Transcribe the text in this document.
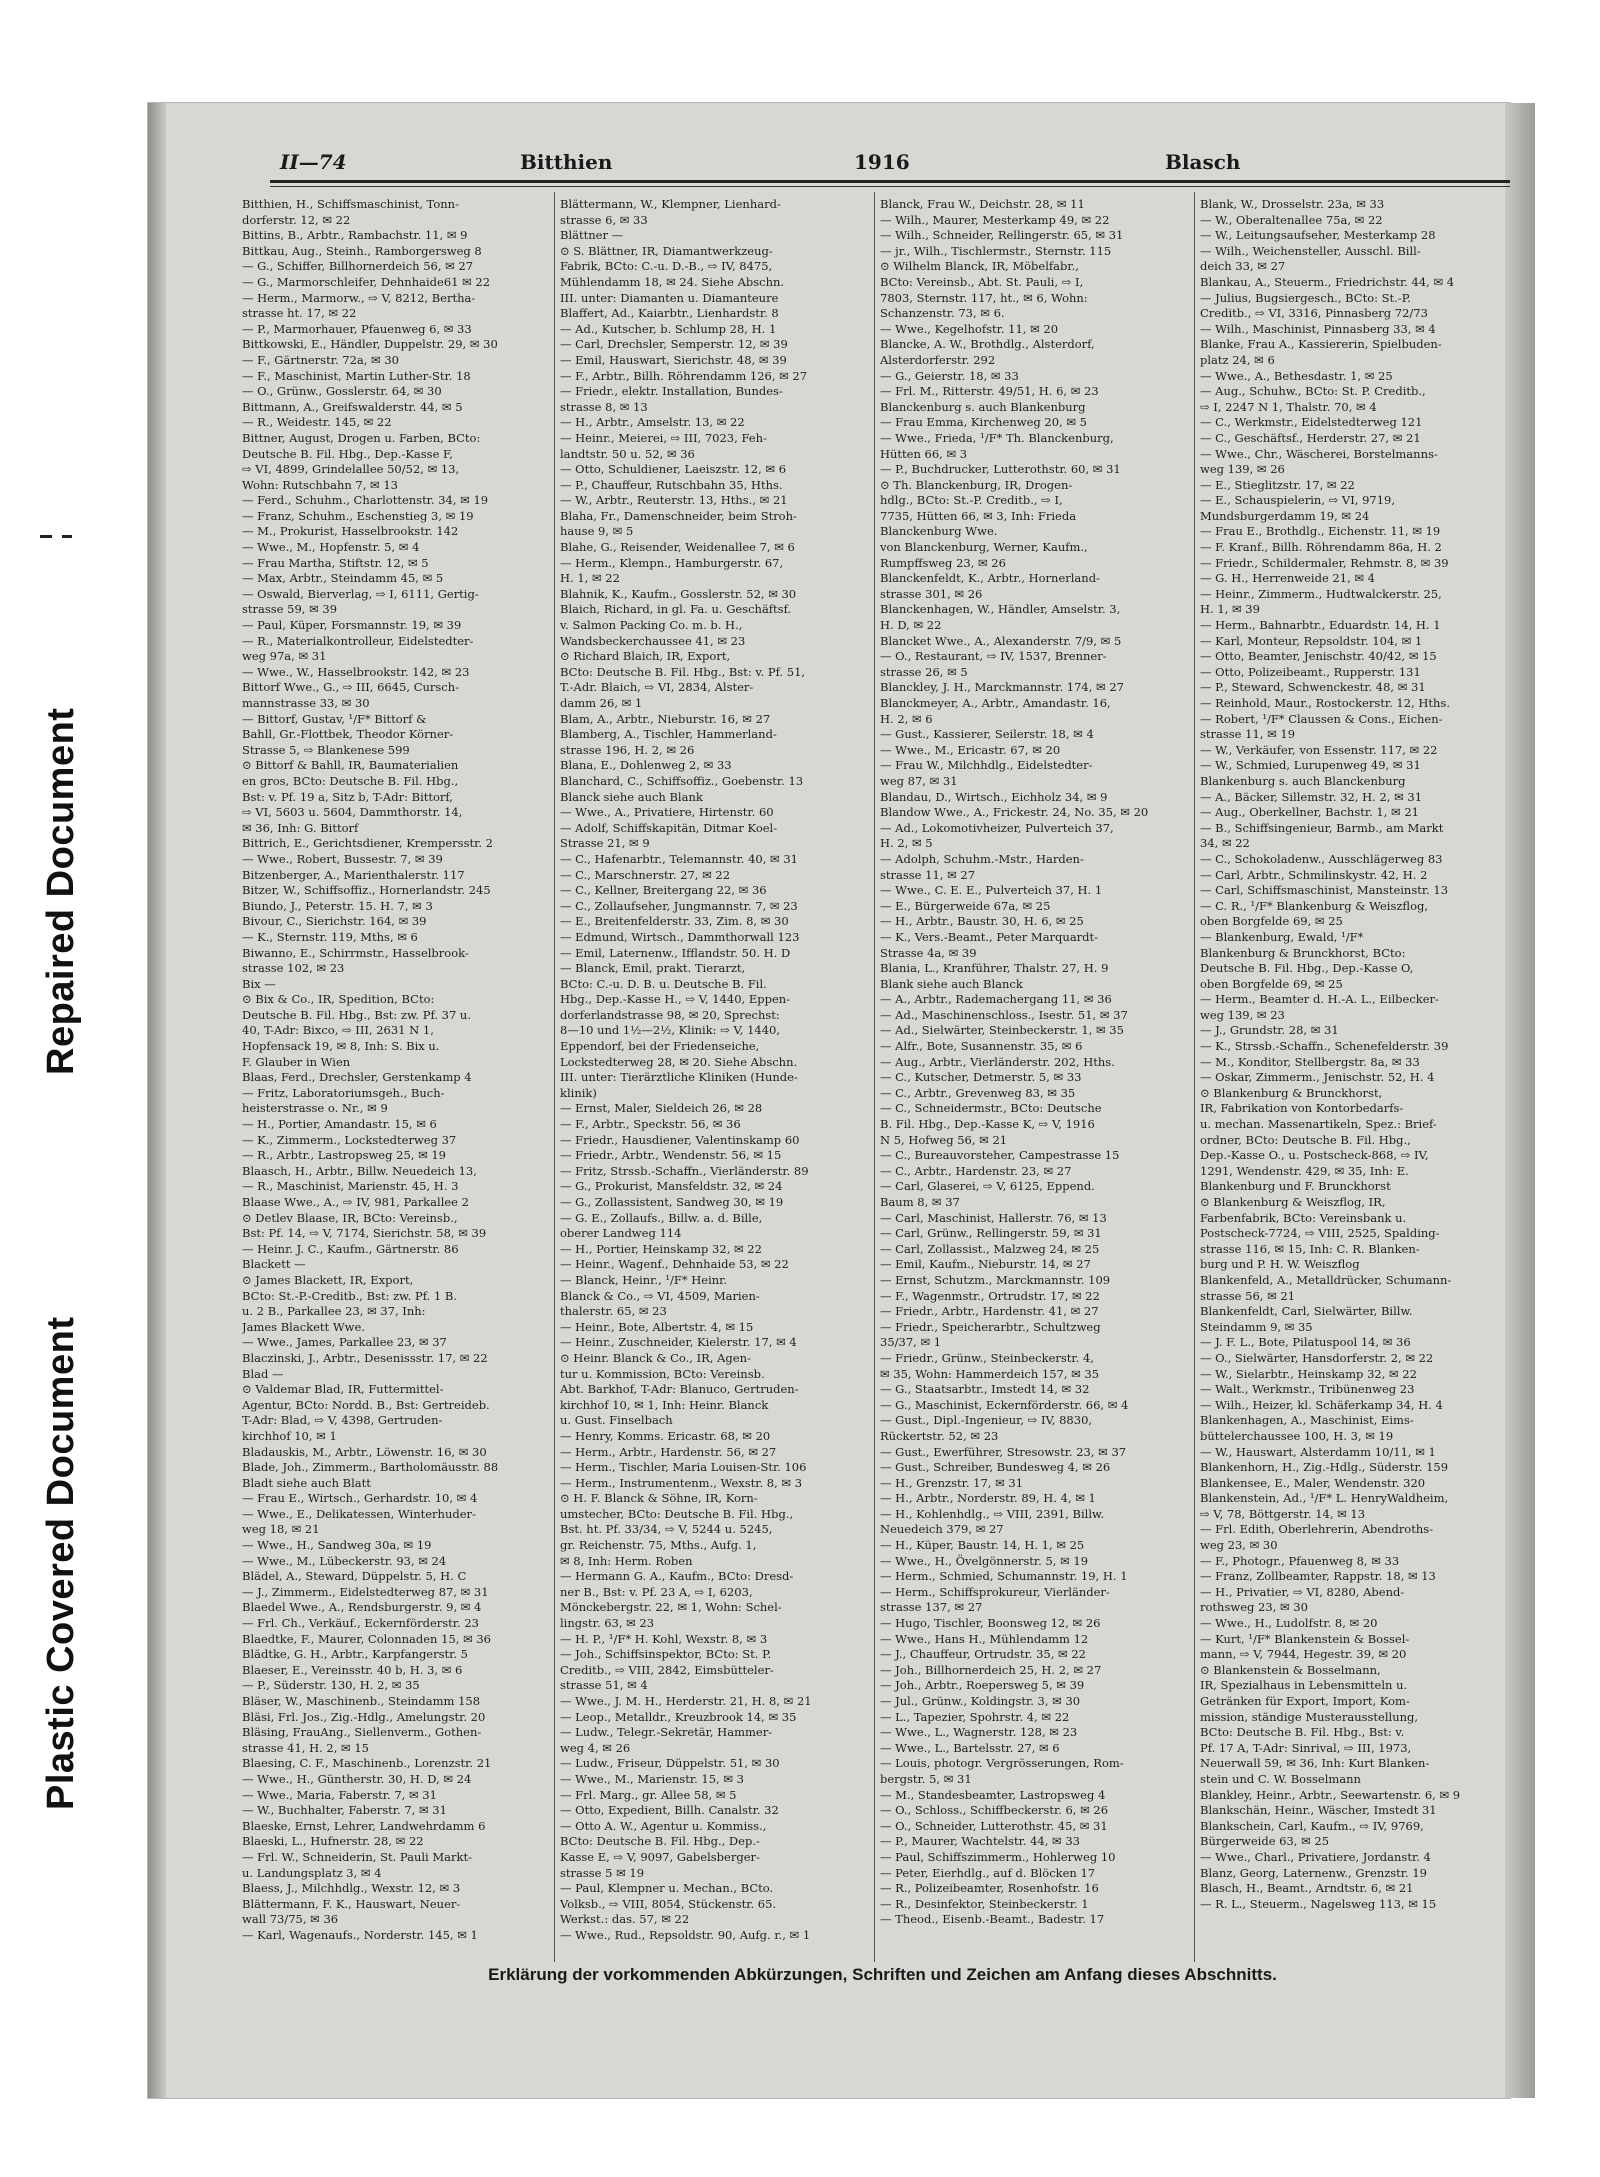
Repaired Document
Plastic Covered Document
II—74	Bitthien	1916	Blasch

Bitthien, H., Schiffsmaschinist, Tonn-

dorferstr. 12, ✉ 22

Bittins, B., Arbtr., Rambachstr. 11, ✉ 9

Bittkau, Aug., Steinh., Ramborgersweg 8

— G., Schiffer, Billhornerdeich 56, ✉ 27

— G., Marmorschleifer, Dehnhaide61 ✉ 22

— Herm., Marmorw., ⇨ V, 8212, Bertha-

strasse ht. 17, ✉ 22

— P., Marmorhauer, Pfauenweg 6, ✉ 33

Bittkowski, E., Händler, Duppelstr. 29, ✉ 30

— F., Gärtnerstr. 72a, ✉ 30

— F., Maschinist, Martin Luther-Str. 18

— O., Grünw., Gosslerstr. 64, ✉ 30

Bittmann, A., Greifswalderstr. 44, ✉ 5

— R., Weidestr. 145, ✉ 22

Bittner, August, Drogen u. Farben, BCto:

Deutsche B. Fil. Hbg., Dep.-Kasse F,

⇨ VI, 4899, Grindelallee 50/52, ✉ 13,

Wohn: Rutschbahn 7, ✉ 13

— Ferd., Schuhm., Charlottenstr. 34, ✉ 19

— Franz, Schuhm., Eschenstieg 3, ✉ 19

— M., Prokurist, Hasselbrookstr. 142

— Wwe., M., Hopfenstr. 5, ✉ 4

— Frau Martha, Stiftstr. 12, ✉ 5

— Max, Arbtr., Steindamm 45, ✉ 5

— Oswald, Bierverlag, ⇨ I, 6111, Gertig-

strasse 59, ✉ 39

— Paul, Küper, Forsmannstr. 19, ✉ 39

— R., Materialkontrolleur, Eidelstedter-

weg 97a, ✉ 31

— Wwe., W., Hasselbrookstr. 142, ✉ 23

Bittorf Wwe., G., ⇨ III, 6645, Cursch-

mannstrasse 33, ✉ 30

— Bittorf, Gustav, ¹/F* Bittorf &

Bahll, Gr.-Flottbek, Theodor Körner-

Strasse 5, ⇨ Blankenese 599

⊙ Bittorf & Bahll, IR, Baumaterialien

en gros, BCto: Deutsche B. Fil. Hbg.,

Bst: v. Pf. 19 a, Sitz b, T-Adr: Bittorf,

⇨ VI, 5603 u. 5604, Dammthorstr. 14,

✉ 36, Inh: G. Bittorf

Bittrich, E., Gerichtsdiener, Krempersstr. 2

— Wwe., Robert, Bussestr. 7, ✉ 39

Bitzenberger, A., Marienthalerstr. 117

Bitzer, W., Schiffsoffiz., Hornerlandstr. 245

Biundo, J., Peterstr. 15. H. 7, ✉ 3

Bivour, C., Sierichstr. 164, ✉ 39

— K., Sternstr. 119, Mths, ✉ 6

Biwanno, E., Schirrmstr., Hasselbrook-

strasse 102, ✉ 23

Bix —

⊙ Bix & Co., IR, Spedition, BCto:

Deutsche B. Fil. Hbg., Bst: zw. Pf. 37 u.

40, T-Adr: Bixco, ⇨ III, 2631 N 1,

Hopfensack 19, ✉ 8, Inh: S. Bix u.

F. Glauber in Wien

Blaas, Ferd., Drechsler, Gerstenkamp 4

— Fritz, Laboratoriumsgeh., Buch-

heisterstrasse o. Nr., ✉ 9

— H., Portier, Amandastr. 15, ✉ 6

— K., Zimmerm., Lockstedterweg 37

— R., Arbtr., Lastropsweg 25, ✉ 19

Blaasch, H., Arbtr., Billw. Neuedeich 13,

— R., Maschinist, Marienstr. 45, H. 3

Blaase Wwe., A., ⇨ IV, 981, Parkallee 2

⊙ Detlev Blaase, IR, BCto: Vereinsb.,

Bst: Pf. 14, ⇨ V, 7174, Sierichstr. 58, ✉ 39

— Heinr. J. C., Kaufm., Gärtnerstr. 86

Blackett —

⊙ James Blackett, IR, Export,

BCto: St.-P.-Creditb., Bst: zw. Pf. 1 B.

u. 2 B., Parkallee 23, ✉ 37, Inh:

James Blackett Wwe.

— Wwe., James, Parkallee 23, ✉ 37

Blaczinski, J., Arbtr., Desenissstr. 17, ✉ 22

Blad —

⊙ Valdemar Blad, IR, Futtermittel-

Agentur, BCto: Nordd. B., Bst: Gertreideb.

T-Adr: Blad, ⇨ V, 4398, Gertruden-

kirchhof 10, ✉ 1

Bladauskis, M., Arbtr., Löwenstr. 16, ✉ 30

Blade, Joh., Zimmerm., Bartholomäusstr. 88

Bladt siehe auch Blatt

— Frau E., Wirtsch., Gerhardstr. 10, ✉ 4

— Wwe., E., Delikatessen, Winterhuder-

weg 18, ✉ 21

— Wwe., H., Sandweg 30a, ✉ 19

— Wwe., M., Lübeckerstr. 93, ✉ 24

Blädel, A., Steward, Düppelstr. 5, H. C

— J., Zimmerm., Eidelstedterweg 87, ✉ 31

Blaedel Wwe., A., Rendsburgerstr. 9, ✉ 4

— Frl. Ch., Verkäuf., Eckernförderstr. 23

Blaedtke, F., Maurer, Colonnaden 15, ✉ 36

Blädtke, G. H., Arbtr., Karpfangerstr. 5

Blaeser, E., Vereinsstr. 40 b, H. 3, ✉ 6

— P., Süderstr. 130, H. 2, ✉ 35

Bläser, W., Maschinenb., Steindamm 158

Bläsi, Frl. Jos., Zig.-Hdlg., Amelungstr. 20

Bläsing, FrauAng., Siellenverm., Gothen-

strasse 41, H. 2, ✉ 15

Blaesing, C. F., Maschinenb., Lorenzstr. 21

— Wwe., H., Güntherstr. 30, H. D, ✉ 24

— Wwe., Maria, Faberstr. 7, ✉ 31

— W., Buchhalter, Faberstr. 7, ✉ 31

Blaeske, Ernst, Lehrer, Landwehrdamm 6

Blaeski, L., Hufnerstr. 28, ✉ 22

— Frl. W., Schneiderin, St. Pauli Markt-

u. Landungsplatz 3, ✉ 4

Blaess, J., Milchhdlg., Wexstr. 12, ✉ 3

Blättermann, F. K., Hauswart, Neuer-

wall 73/75, ✉ 36

— Karl, Wagenaufs., Norderstr. 145, ✉ 1

Blättermann, W., Klempner, Lienhard-

strasse 6, ✉ 33

Blättner —

⊙ S. Blättner, IR, Diamantwerkzeug-

Fabrik, BCto: C.-u. D.-B., ⇨ IV, 8475,

Mühlendamm 18, ✉ 24. Siehe Abschn.

III. unter: Diamanten u. Diamanteure

Blaffert, Ad., Kaiarbtr., Lienhardstr. 8

— Ad., Kutscher, b. Schlump 28, H. 1

— Carl, Drechsler, Semperstr. 12, ✉ 39

— Emil, Hauswart, Sierichstr. 48, ✉ 39

— F., Arbtr., Billh. Röhrendamm 126, ✉ 27

— Friedr., elektr. Installation, Bundes-

strasse 8, ✉ 13

— H., Arbtr., Amselstr. 13, ✉ 22

— Heinr., Meierei, ⇨ III, 7023, Feh-

landtstr. 50 u. 52, ✉ 36

— Otto, Schuldiener, Laeiszstr. 12, ✉ 6

— P., Chauffeur, Rutschbahn 35, Hths.

— W., Arbtr., Reuterstr. 13, Hths., ✉ 21

Blaha, Fr., Damenschneider, beim Stroh-

hause 9, ✉ 5

Blahe, G., Reisender, Weidenallee 7, ✉ 6

— Herm., Klempn., Hamburgerstr. 67,

H. 1, ✉ 22

Blahnik, K., Kaufm., Gosslerstr. 52, ✉ 30

Blaich, Richard, in gl. Fa. u. Geschäftsf.

v. Salmon Packing Co. m. b. H.,

Wandsbeckerchaussee 41, ✉ 23

⊙ Richard Blaich, IR, Export,

BCto: Deutsche B. Fil. Hbg., Bst: v. Pf. 51,

T.-Adr. Blaich, ⇨ VI, 2834, Alster-

damm 26, ✉ 1

Blam, A., Arbtr., Nieburstr. 16, ✉ 27

Blamberg, A., Tischler, Hammerland-

strasse 196, H. 2, ✉ 26

Blana, E., Dohlenweg 2, ✉ 33

Blanchard, C., Schiffsoffiz., Goebenstr. 13

Blanck siehe auch Blank

— Wwe., A., Privatiere, Hirtenstr. 60

— Adolf, Schiffskapitän, Ditmar Koel-

Strasse 21, ✉ 9

— C., Hafenarbtr., Telemannstr. 40, ✉ 31

— C., Marschnerstr. 27, ✉ 22

— C., Kellner, Breitergang 22, ✉ 36

— C., Zollaufseher, Jungmannstr. 7, ✉ 23

— E., Breitenfelderstr. 33, Zim. 8, ✉ 30

— Edmund, Wirtsch., Dammthorwall 123

— Emil, Laternenw., Ifflandstr. 50. H. D

— Blanck, Emil, prakt. Tierarzt,

BCto: C.-u. D. B. u. Deutsche B. Fil.

Hbg., Dep.-Kasse H., ⇨ V, 1440, Eppen-

dorferlandstrasse 98, ✉ 20, Sprechst:

8—10 und 1½—2½, Klinik: ⇨ V, 1440,

Eppendorf, bei der Friedenseiche,

Lockstedterweg 28, ✉ 20. Siehe Abschn.

III. unter: Tierärztliche Kliniken (Hunde-

klinik)

— Ernst, Maler, Sieldeich 26, ✉ 28

— F., Arbtr., Speckstr. 56, ✉ 36

— Friedr., Hausdiener, Valentinskamp 60

— Friedr., Arbtr., Wendenstr. 56, ✉ 15

— Fritz, Strssb.-Schaffn., Vierländerstr. 89

— G., Prokurist, Mansfeldstr. 32, ✉ 24

— G., Zollassistent, Sandweg 30, ✉ 19

— G. E., Zollaufs., Billw. a. d. Bille,

oberer Landweg 114

— H., Portier, Heinskamp 32, ✉ 22

— Heinr., Wagenf., Dehnhaide 53, ✉ 22

— Blanck, Heinr., ¹/F* Heinr.

Blanck & Co., ⇨ VI, 4509, Marien-

thalerstr. 65, ✉ 23

— Heinr., Bote, Albertstr. 4, ✉ 15

— Heinr., Zuschneider, Kielerstr. 17, ✉ 4

⊙ Heinr. Blanck & Co., IR, Agen-

tur u. Kommission, BCto: Vereinsb.

Abt. Barkhof, T-Adr: Blanuco, Gertruden-

kirchhof 10, ✉ 1, Inh: Heinr. Blanck

u. Gust. Finselbach

— Henry, Komms. Ericastr. 68, ✉ 20

— Herm., Arbtr., Hardenstr. 56, ✉ 27

— Herm., Tischler, Maria Louisen-Str. 106

— Herm., Instrumentenm., Wexstr. 8, ✉ 3

⊙ H. F. Blanck & Söhne, IR, Korn-

umstecher, BCto: Deutsche B. Fil. Hbg.,

Bst. ht. Pf. 33/34, ⇨ V, 5244 u. 5245,

gr. Reichenstr. 75, Mths., Aufg. 1,

✉ 8, Inh: Herm. Roben

— Hermann G. A., Kaufm., BCto: Dresd-

ner B., Bst: v. Pf. 23 A, ⇨ I, 6203,

Mönckebergstr. 22, ✉ 1, Wohn: Schel-

lingstr. 63, ✉ 23

— H. P., ¹/F* H. Kohl, Wexstr. 8, ✉ 3

— Joh., Schiffsinspektor, BCto: St. P.

Creditb., ⇨ VIII, 2842, Eimsbütteler-

strasse 51, ✉ 4

— Wwe., J. M. H., Herderstr. 21, H. 8, ✉ 21

— Leop., Metalldr., Kreuzbrook 14, ✉ 35

— Ludw., Telegr.-Sekretär, Hammer-

weg 4, ✉ 26

— Ludw., Friseur, Düppelstr. 51, ✉ 30

— Wwe., M., Marienstr. 15, ✉ 3

— Frl. Marg., gr. Allee 58, ✉ 5

— Otto, Expedient, Billh. Canalstr. 32

— Otto A. W., Agentur u. Kommiss.,

BCto: Deutsche B. Fil. Hbg., Dep.-

Kasse E, ⇨ V, 9097, Gabelsberger-

strasse 5 ✉ 19

— Paul, Klempner u. Mechan., BCto.

Volksb., ⇨ VIII, 8054, Stückenstr. 65.

Werkst.: das. 57, ✉ 22

— Wwe., Rud., Repsoldstr. 90, Aufg. r., ✉ 1

Blanck, Frau W., Deichstr. 28, ✉ 11

— Wilh., Maurer, Mesterkamp 49, ✉ 22

— Wilh., Schneider, Rellingerstr. 65, ✉ 31

— jr., Wilh., Tischlermstr., Sternstr. 115

⊙ Wilhelm Blanck, IR, Möbelfabr.,

BCto: Vereinsb., Abt. St. Pauli, ⇨ I,

7803, Sternstr. 117, ht., ✉ 6, Wohn:

Schanzenstr. 73, ✉ 6.

— Wwe., Kegelhofstr. 11, ✉ 20

Blancke, A. W., Brothdlg., Alsterdorf,

Alsterdorferstr. 292

— G., Geierstr. 18, ✉ 33

— Frl. M., Ritterstr. 49/51, H. 6, ✉ 23

Blanckenburg s. auch Blankenburg

— Frau Emma, Kirchenweg 20, ✉ 5

— Wwe., Frieda, ¹/F* Th. Blanckenburg,

Hütten 66, ✉ 3

— P., Buchdrucker, Lutterothstr. 60, ✉ 31

⊙ Th. Blanckenburg, IR, Drogen-

hdlg., BCto: St.-P. Creditb., ⇨ I,

7735, Hütten 66, ✉ 3, Inh: Frieda

Blanckenburg Wwe.

von Blanckenburg, Werner, Kaufm.,

Rumpffsweg 23, ✉ 26

Blanckenfeldt, K., Arbtr., Hornerland-

strasse 301, ✉ 26

Blanckenhagen, W., Händler, Amselstr. 3,

H. D, ✉ 22

Blancket Wwe., A., Alexanderstr. 7/9, ✉ 5

— O., Restaurant, ⇨ IV, 1537, Brenner-

strasse 26, ✉ 5

Blanckley, J. H., Marckmannstr. 174, ✉ 27

Blanckmeyer, A., Arbtr., Amandastr. 16,

H. 2, ✉ 6

— Gust., Kassierer, Seilerstr. 18, ✉ 4

— Wwe., M., Ericastr. 67, ✉ 20

— Frau W., Milchhdlg., Eidelstedter-

weg 87, ✉ 31

Blandau, D., Wirtsch., Eichholz 34, ✉ 9

Blandow Wwe., A., Frickestr. 24, No. 35, ✉ 20

— Ad., Lokomotivheizer, Pulverteich 37,

H. 2, ✉ 5

— Adolph, Schuhm.-Mstr., Harden-

strasse 11, ✉ 27

— Wwe., C. E. E., Pulverteich 37, H. 1

— E., Bürgerweide 67a, ✉ 25

— H., Arbtr., Baustr. 30, H. 6, ✉ 25

— K., Vers.-Beamt., Peter Marquardt-

Strasse 4a, ✉ 39

Blania, L., Kranführer, Thalstr. 27, H. 9

Blank siehe auch Blanck

— A., Arbtr., Rademachergang 11, ✉ 36

— Ad., Maschinenschloss., Isestr. 51, ✉ 37

— Ad., Sielwärter, Steinbeckerstr. 1, ✉ 35

— Alfr., Bote, Susannenstr. 35, ✉ 6

— Aug., Arbtr., Vierländerstr. 202, Hths.

— C., Kutscher, Detmerstr. 5, ✉ 33

— C., Arbtr., Grevenweg 83, ✉ 35

— C., Schneidermstr., BCto: Deutsche

B. Fil. Hbg., Dep.-Kasse K, ⇨ V, 1916

N 5, Hofweg 56, ✉ 21

— C., Bureauvorsteher, Campestrasse 15

— C., Arbtr., Hardenstr. 23, ✉ 27

— Carl, Glaserei, ⇨ V, 6125, Eppend.

Baum 8, ✉ 37

— Carl, Maschinist, Hallerstr. 76, ✉ 13

— Carl, Grünw., Rellingerstr. 59, ✉ 31

— Carl, Zollassist., Malzweg 24, ✉ 25

— Emil, Kaufm., Nieburstr. 14, ✉ 27

— Ernst, Schutzm., Marckmannstr. 109

— F., Wagenmstr., Ortrudstr. 17, ✉ 22

— Friedr., Arbtr., Hardenstr. 41, ✉ 27

— Friedr., Speicherarbtr., Schultzweg

35/37, ✉ 1

— Friedr., Grünw., Steinbeckerstr. 4,

✉ 35, Wohn: Hammerdeich 157, ✉ 35

— G., Staatsarbtr., Imstedt 14, ✉ 32

— G., Maschinist, Eckernförderstr. 66, ✉ 4

— Gust., Dipl.-Ingenieur, ⇨ IV, 8830,

Rückertstr. 52, ✉ 23

— Gust., Ewerführer, Stresowstr. 23, ✉ 37

— Gust., Schreiber, Bundesweg 4, ✉ 26

— H., Grenzstr. 17, ✉ 31

— H., Arbtr., Norderstr. 89, H. 4, ✉ 1

— H., Kohlenhdlg., ⇨ VIII, 2391, Billw.

Neuedeich 379, ✉ 27

— H., Küper, Baustr. 14, H. 1, ✉ 25

— Wwe., H., Övelgönnerstr. 5, ✉ 19

— Herm., Schmied, Schumannstr. 19, H. 1

— Herm., Schiffsprokureur, Vierländer-

strasse 137, ✉ 27

— Hugo, Tischler, Boonsweg 12, ✉ 26

— Wwe., Hans H., Mühlendamm 12

— J., Chauffeur, Ortrudstr. 35, ✉ 22

— Joh., Billhornerdeich 25, H. 2, ✉ 27

— Joh., Arbtr., Roepersweg 5, ✉ 39

— Jul., Grünw., Koldingstr. 3, ✉ 30

— L., Tapezier, Spohrstr. 4, ✉ 22

— Wwe., L., Wagnerstr. 128, ✉ 23

— Wwe., L., Bartelsstr. 27, ✉ 6

— Louis, photogr. Vergrösserungen, Rom-

bergstr. 5, ✉ 31

— M., Standesbeamter, Lastropsweg 4

— O., Schloss., Schiffbeckerstr. 6, ✉ 26

— O., Schneider, Lutterothstr. 45, ✉ 31

— P., Maurer, Wachtelstr. 44, ✉ 33

— Paul, Schiffszimmerm., Hohlerweg 10

— Peter, Eierhdlg., auf d. Blöcken 17

— R., Polizeibeamter, Rosenhofstr. 16

— R., Desinfektor, Steinbeckerstr. 1

— Theod., Eisenb.-Beamt., Badestr. 17

Blank, W., Drosselstr. 23a, ✉ 33

— W., Oberaltenallee 75a, ✉ 22

— W., Leitungsaufseher, Mesterkamp 28

— Wilh., Weichensteller, Ausschl. Bill-

deich 33, ✉ 27

Blankau, A., Steuerm., Friedrichstr. 44, ✉ 4

— Julius, Bugsiergesch., BCto: St.-P.

Creditb., ⇨ VI, 3316, Pinnasberg 72/73

— Wilh., Maschinist, Pinnasberg 33, ✉ 4

Blanke, Frau A., Kassiererin, Spielbuden-

platz 24, ✉ 6

— Wwe., A., Bethesdastr. 1, ✉ 25

— Aug., Schuhw., BCto: St. P. Creditb.,

⇨ I, 2247 N 1, Thalstr. 70, ✉ 4

— C., Werkmstr., Eidelstedterweg 121

— C., Geschäftsf., Herderstr. 27, ✉ 21

— Wwe., Chr., Wäscherei, Borstelmanns-

weg 139, ✉ 26

— E., Stieglitzstr. 17, ✉ 22

— E., Schauspielerin, ⇨ VI, 9719,

Mundsburgerdamm 19, ✉ 24

— Frau E., Brothdlg., Eichenstr. 11, ✉ 19

— F. Kranf., Billh. Röhrendamm 86a, H. 2

— Friedr., Schildermaler, Rehmstr. 8, ✉ 39

— G. H., Herrenweide 21, ✉ 4

— Heinr., Zimmerm., Hudtwalckerstr. 25,

H. 1, ✉ 39

— Herm., Bahnarbtr., Eduardstr. 14, H. 1

— Karl, Monteur, Repsoldstr. 104, ✉ 1

— Otto, Beamter, Jenischstr. 40/42, ✉ 15

— Otto, Polizeibeamt., Rupperstr. 131

— P., Steward, Schwenckestr. 48, ✉ 31

— Reinhold, Maur., Rostockerstr. 12, Hths.

— Robert, ¹/F* Claussen & Cons., Eichen-

strasse 11, ✉ 19

— W., Verkäufer, von Essenstr. 117, ✉ 22

— W., Schmied, Lurupenweg 49, ✉ 31

Blankenburg s. auch Blanckenburg

— A., Bäcker, Sillemstr. 32, H. 2, ✉ 31

— Aug., Oberkellner, Bachstr. 1, ✉ 21

— B., Schiffsingenieur, Barmb., am Markt

34, ✉ 22

— C., Schokoladenw., Ausschlägerweg 83

— Carl, Arbtr., Schmilinskystr. 42, H. 2

— Carl, Schiffsmaschinist, Mansteinstr. 13

— C. R., ¹/F* Blankenburg & Weiszflog,

oben Borgfelde 69, ✉ 25

— Blankenburg, Ewald, ¹/F*

Blankenburg & Brunckhorst, BCto:

Deutsche B. Fil. Hbg., Dep.-Kasse O,

oben Borgfelde 69, ✉ 25

— Herm., Beamter d. H.-A. L., Eilbecker-

weg 139, ✉ 23

— J., Grundstr. 28, ✉ 31

— K., Strssb.-Schaffn., Schenefelderstr. 39

— M., Konditor, Stellbergstr. 8a, ✉ 33

— Oskar, Zimmerm., Jenischstr. 52, H. 4

⊙ Blankenburg & Brunckhorst,

IR, Fabrikation von Kontorbedarfs-

u. mechan. Massenartikeln, Spez.: Brief-

ordner, BCto: Deutsche B. Fil. Hbg.,

Dep.-Kasse O., u. Postscheck-868, ⇨ IV,

1291, Wendenstr. 429, ✉ 35, Inh: E.

Blankenburg und F. Brunckhorst

⊙ Blankenburg & Weiszflog, IR,

Farbenfabrik, BCto: Vereinsbank u.

Postscheck-7724, ⇨ VIII, 2525, Spalding-

strasse 116, ✉ 15, Inh: C. R. Blanken-

burg und P. H. W. Weiszflog

Blankenfeld, A., Metalldrücker, Schumann-

strasse 56, ✉ 21

Blankenfeldt, Carl, Sielwärter, Billw.

Steindamm 9, ✉ 35

— J. F. L., Bote, Pilatuspool 14, ✉ 36

— O., Sielwärter, Hansdorferstr. 2, ✉ 22

— W., Sielarbtr., Heinskamp 32, ✉ 22

— Walt., Werkmstr., Tribünenweg 23

— Wilh., Heizer, kl. Schäferkamp 34, H. 4

Blankenhagen, A., Maschinist, Eims-

büttelerchaussee 100, H. 3, ✉ 19

— W., Hauswart, Alsterdamm 10/11, ✉ 1

Blankenhorn, H., Zig.-Hdlg., Süderstr. 159

Blankensee, E., Maler, Wendenstr. 320

Blankenstein, Ad., ¹/F* L. HenryWaldheim,

⇨ V, 78, Böttgerstr. 14, ✉ 13

— Frl. Edith, Oberlehrerin, Abendroths-

weg 23, ✉ 30

— F., Photogr., Pfauenweg 8, ✉ 33

— Franz, Zollbeamter, Rappstr. 18, ✉ 13

— H., Privatier, ⇨ VI, 8280, Abend-

rothsweg 23, ✉ 30

— Wwe., H., Ludolfstr. 8, ✉ 20

— Kurt, ¹/F* Blankenstein & Bossel-

mann, ⇨ V, 7944, Hegestr. 39, ✉ 20

⊙ Blankenstein & Bosselmann,

IR, Spezialhaus in Lebensmitteln u.

Getränken für Export, Import, Kom-

mission, ständige Musterausstellung,

BCto: Deutsche B. Fil. Hbg., Bst: v.

Pf. 17 A, T-Adr: Sinrival, ⇨ III, 1973,

Neuerwall 59, ✉ 36, Inh: Kurt Blanken-

stein und C. W. Bosselmann

Blankley, Heinr., Arbtr., Seewartenstr. 6, ✉ 9

Blankschän, Heinr., Wäscher, Imstedt 31

Blankschein, Carl, Kaufm., ⇨ IV, 9769,

Bürgerweide 63, ✉ 25

— Wwe., Charl., Privatiere, Jordanstr. 4

Blanz, Georg, Laternenw., Grenzstr. 19

Blasch, H., Beamt., Arndtstr. 6, ✉ 21

— R. L., Steuerm., Nagelsweg 113, ✉ 15

Erklärung der vorkommenden Abkürzungen, Schriften und Zeichen am Anfang dieses Abschnitts.
